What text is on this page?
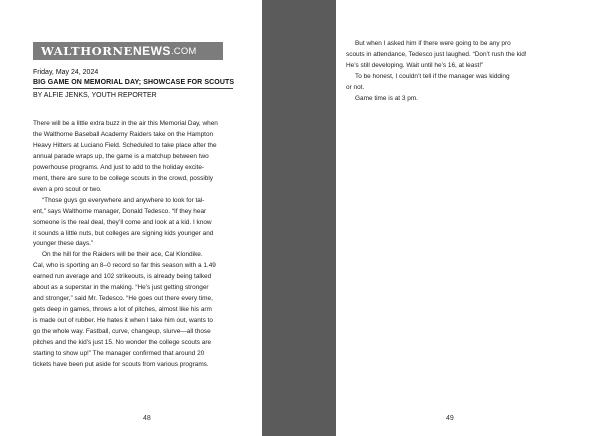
WALTHORNE NEWS .COM
Friday, May 24, 2024
BIG GAME ON MEMORIAL DAY; SHOWCASE FOR SCOUTS
BY ALFIE JENKS, YOUTH REPORTER
There will be a little extra buzz in the air this Memorial Day, when
the Walthorne Baseball Academy Raiders take on the Hampton
Heavy Hitters at Luciano Field. Scheduled to take place after the
annual parade wraps up, the game is a matchup between two
powerhouse programs. And just to add to the holiday excite-
ment, there are sure to be college scouts in the crowd, possibly
even a pro scout or two.
“Those guys go everywhere and anywhere to look for tal-
ent,” says Walthorne manager, Donald Tedesco. “If they hear
someone is the real deal, they’ll come and look at a kid. I know
it sounds a little nuts, but colleges are signing kids younger and
younger these days.”
On the hill for the Raiders will be their ace, Cal Klondike.
Cal, who is sporting an 8–0 record so far this season with a 1.49
earned run average and 102 strikeouts, is already being talked
about as a superstar in the making. “He’s just getting stronger
and stronger,” said Mr. Tedesco. “He goes out there every time,
gets deep in games, throws a lot of pitches, almost like his arm
is made out of rubber. He hates it when I take him out, wants to
go the whole way. Fastball, curve, changeup, slurve—all those
pitches and the kid’s just 15. No wonder the college scouts are
starting to show up!” The manager confirmed that around 20
tickets have been put aside for scouts from various programs.
But when I asked him if there were going to be any pro
scouts in attendance, Tedesco just laughed. “Don’t rush the kid!
He’s still developing. Wait until he’s 16, at least!”
To be honest, I couldn’t tell if the manager was kidding
or not.
Game time is at 3 pm.
48	49
